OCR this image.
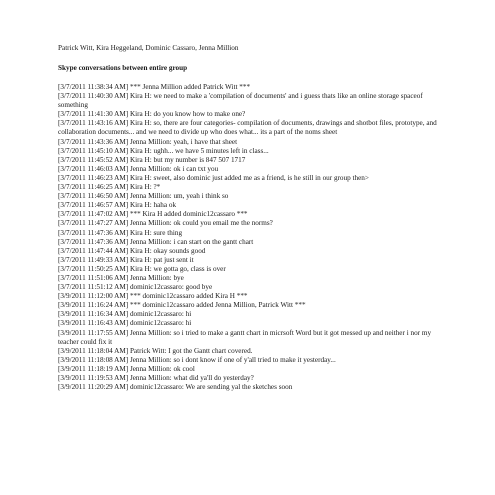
Patrick Witt, Kira Heggeland, Dominic Cassaro, Jenna Million

Skype conversations between entire group

[3/7/2011 11:38:34 AM] *** Jenna Million added Patrick Witt ***

[3/7/2011 11:40:30 AM] Kira H: we need to make a 'compilation of documents' and i guess thats like an online storage spaceof something

[3/7/2011 11:41:30 AM] Kira H: do you know how to make one?

[3/7/2011 11:43:16 AM] Kira H: so, there are four categories- compilation of documents, drawings and shotbot files, prototype, and collaboration documents... and we need to divide up who does what... its a part of the noms sheet

[3/7/2011 11:43:36 AM] Jenna Million: yeah, i have that sheet

[3/7/2011 11:45:10 AM] Kira H: ughh... we have 5 minutes left in class...

[3/7/2011 11:45:52 AM] Kira H: but my number is 847 507 1717

[3/7/2011 11:46:03 AM] Jenna Million: ok i can txt you

[3/7/2011 11:46:23 AM] Kira H: sweet, also dominic just added me as a friend, is he still in our group then>

[3/7/2011 11:46:25 AM] Kira H: ?*

[3/7/2011 11:46:50 AM] Jenna Million: um, yeah i think so

[3/7/2011 11:46:57 AM] Kira H: haha ok

[3/7/2011 11:47:02 AM] *** Kira H added dominic12cassaro ***

[3/7/2011 11:47:27 AM] Jenna Million: ok could you email me the norms?

[3/7/2011 11:47:36 AM] Kira H: sure thing

[3/7/2011 11:47:36 AM] Jenna Million: i can start on the gantt chart

[3/7/2011 11:47:44 AM] Kira H: okay sounds good

[3/7/2011 11:49:33 AM] Kira H: pat just sent it

[3/7/2011 11:50:25 AM] Kira H: we gotta go, class is over

[3/7/2011 11:51:06 AM] Jenna Million: bye

[3/7/2011 11:51:12 AM] dominic12cassaro: good bye

[3/9/2011 11:12:00 AM] *** dominic12cassaro added Kira H ***

[3/9/2011 11:16:24 AM] *** dominic12cassaro added Jenna Million, Patrick Witt ***

[3/9/2011 11:16:34 AM] dominic12cassaro: hi

[3/9/2011 11:16:43 AM] dominic12cassaro: hi

[3/9/2011 11:17:55 AM] Jenna Million: so i tried to make a gantt chart in micrsoft Word but it got messed up and neither i nor my teacher could fix it

[3/9/2011 11:18:04 AM] Patrick Witt: I got the Gantt chart covered.

[3/9/2011 11:18:08 AM] Jenna Million: so i dont know if one of y'all tried to make it yesterday...

[3/9/2011 11:18:19 AM] Jenna Million: ok cool

[3/9/2011 11:19:53 AM] Jenna Million: what did ya'll do yesterday?

[3/9/2011 11:20:29 AM] dominic12cassaro: We are sending yal the sketches soon
